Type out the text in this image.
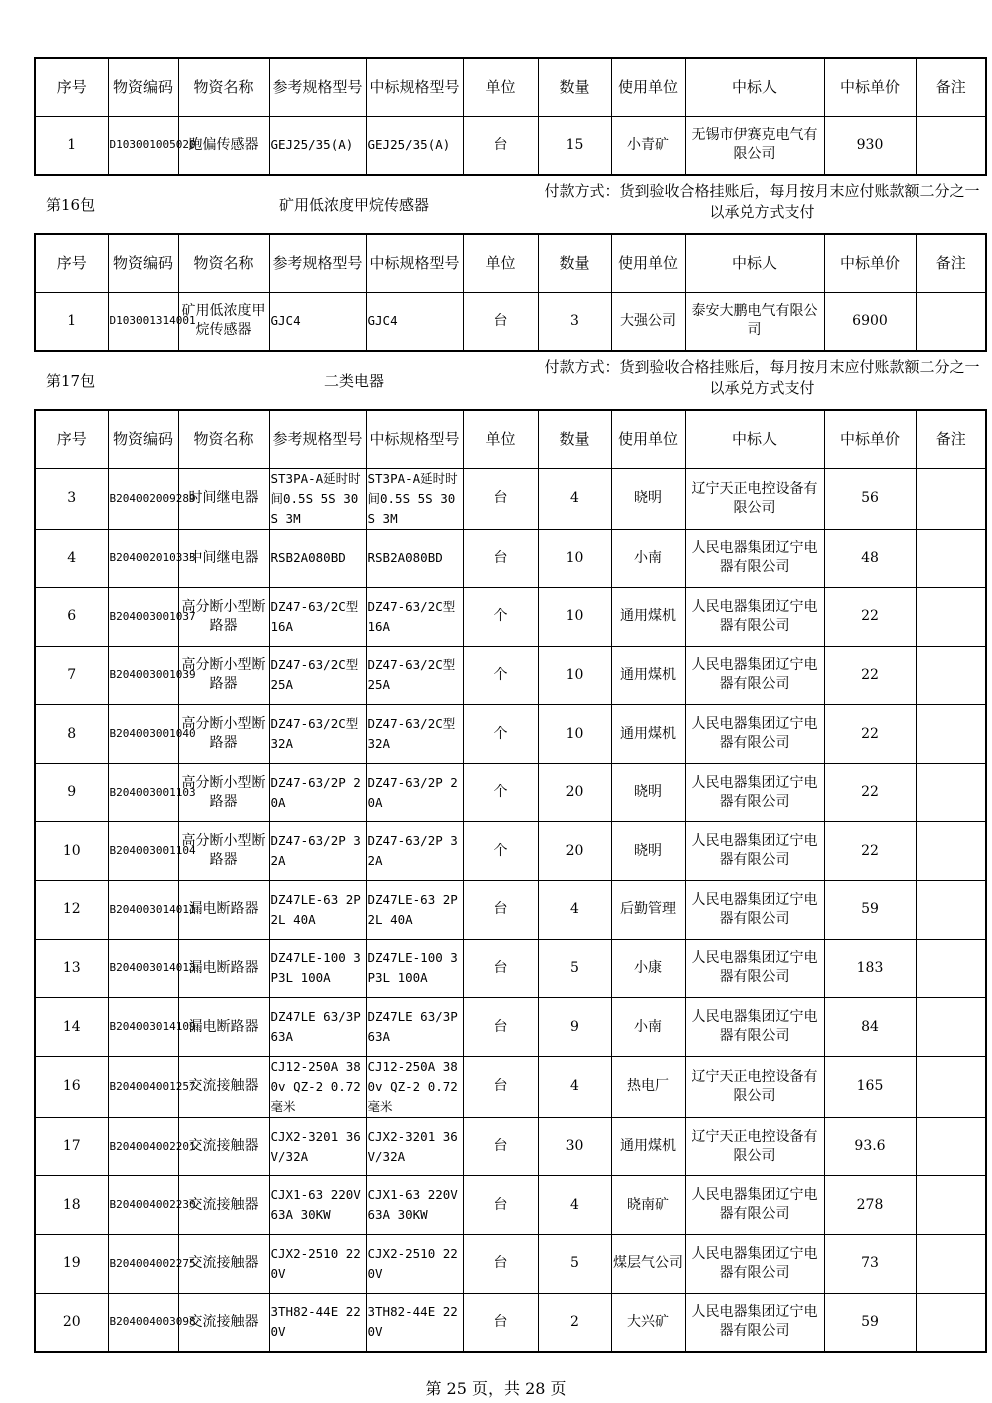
序号	物资编码	物资名称	参考规格型号	中标规格型号	单位	数量	使用单位	中标人	中标单价	备注
1	D103001005020	跑偏传感器	GEJ25/35(A)	GEJ25/35(A)	台	15	小青矿	无锡市伊赛克电气有限公司	930	
第16包	矿用低浓度甲烷传感器
付款方式：货到验收合格挂账后，每月按月末应付账款额二分之一以承兑方式支付
序号	物资编码	物资名称	参考规格型号	中标规格型号	单位	数量	使用单位	中标人	中标单价	备注
1	D103001314001	矿用低浓度甲烷传感器	GJC4	GJC4	台	3	大强公司	泰安大鹏电气有限公司	6900	
第17包	二类电器
付款方式：货到验收合格挂账后，每月按月末应付账款额二分之一以承兑方式支付
序号	物资编码	物资名称	参考规格型号	中标规格型号	单位	数量	使用单位	中标人	中标单价	备注
3	B204002009289	时间继电器	ST3PA-A延时时间0.5S 5S 30S 3M	ST3PA-A延时时间0.5S 5S 30S 3M	台	4	晓明	辽宁天正电控设备有限公司	56	
4	B204002010333	中间继电器	RSB2A080BD	RSB2A080BD	台	10	小南	人民电器集团辽宁电器有限公司	48	
6	B204003001037	高分断小型断路器	DZ47-63/2C型 16A	DZ47-63/2C型 16A	个	10	通用煤机	人民电器集团辽宁电器有限公司	22	
7	B204003001039	高分断小型断路器	DZ47-63/2C型 25A	DZ47-63/2C型 25A	个	10	通用煤机	人民电器集团辽宁电器有限公司	22	
8	B204003001040	高分断小型断路器	DZ47-63/2C型 32A	DZ47-63/2C型 32A	个	10	通用煤机	人民电器集团辽宁电器有限公司	22	
9	B204003001103	高分断小型断路器	DZ47-63/2P 20A	DZ47-63/2P 20A	个	20	晓明	人民电器集团辽宁电器有限公司	22	
10	B204003001104	高分断小型断路器	DZ47-63/2P 32A	DZ47-63/2P 32A	个	20	晓明	人民电器集团辽宁电器有限公司	22	
12	B204003014011	漏电断路器	DZ47LE-63 2P2L 40A	DZ47LE-63 2P2L 40A	台	4	后勤管理	人民电器集团辽宁电器有限公司	59	
13	B204003014013	漏电断路器	DZ47LE-100 3P3L 100A	DZ47LE-100 3P3L 100A	台	5	小康	人民电器集团辽宁电器有限公司	183	
14	B204003014109	漏电断路器	DZ47LE 63/3P 63A	DZ47LE 63/3P 63A	台	9	小南	人民电器集团辽宁电器有限公司	84	
16	B204004001257	交流接触器	CJ12-250A 380v QZ-2 0.72毫米	CJ12-250A 380v QZ-2 0.72毫米	台	4	热电厂	辽宁天正电控设备有限公司	165	
17	B204004002201	交流接触器	CJX2-3201 36V/32A	CJX2-3201 36V/32A	台	30	通用煤机	辽宁天正电控设备有限公司	93.6	
18	B204004002230	交流接触器	CJX1-63 220V 63A 30KW	CJX1-63 220V 63A 30KW	台	4	晓南矿	人民电器集团辽宁电器有限公司	278	
19	B204004002275	交流接触器	CJX2-2510 220V	CJX2-2510 220V	台	5	煤层气公司	人民电器集团辽宁电器有限公司	73	
20	B204004003098	交流接触器	3TH82-44E 220V	3TH82-44E 220V	台	2	大兴矿	人民电器集团辽宁电器有限公司	59	
第 25 页，共 28 页
